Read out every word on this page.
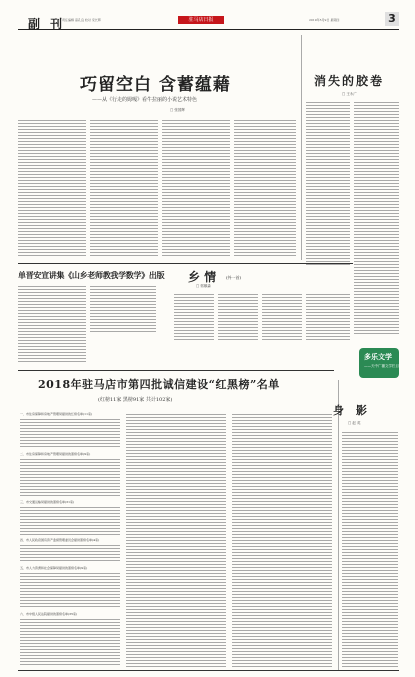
副 刊
责任编辑 高孔良 校对 宋长辉	驻马店日报	2019年5月9日 星期四	3
巧留空白 含蓄蕴藉
——从《行走的姆嘎》看牛拉丽的小说艺术特色
□ 张国辉
消失的胶卷
□ 王永广
单晋安宣讲集《山乡老师教我学数学》出版 乡 情 (外一首)
□ 郭顺森
多乐文学
——天中广播文学栏目
2018年驻马店市第四批诚信建设“红黑榜”名单
(红榜11家 黑榜91家 共计102家)
一、市住房保障和房地产管理局提供的红榜名单(11家)
二、市住房保障和房地产管理局提供的黑榜名单(9家)
三、市交通运输局提供的黑榜名单(31家)
四、市人民政府国有资产监督管理委员会提供黑榜名单(4家)
五、市人力资源和社会保障局提供的黑榜名单(9家)
六、市中级人民法院提供的黑榜名单(35家)
身 影
□ 赵 英
